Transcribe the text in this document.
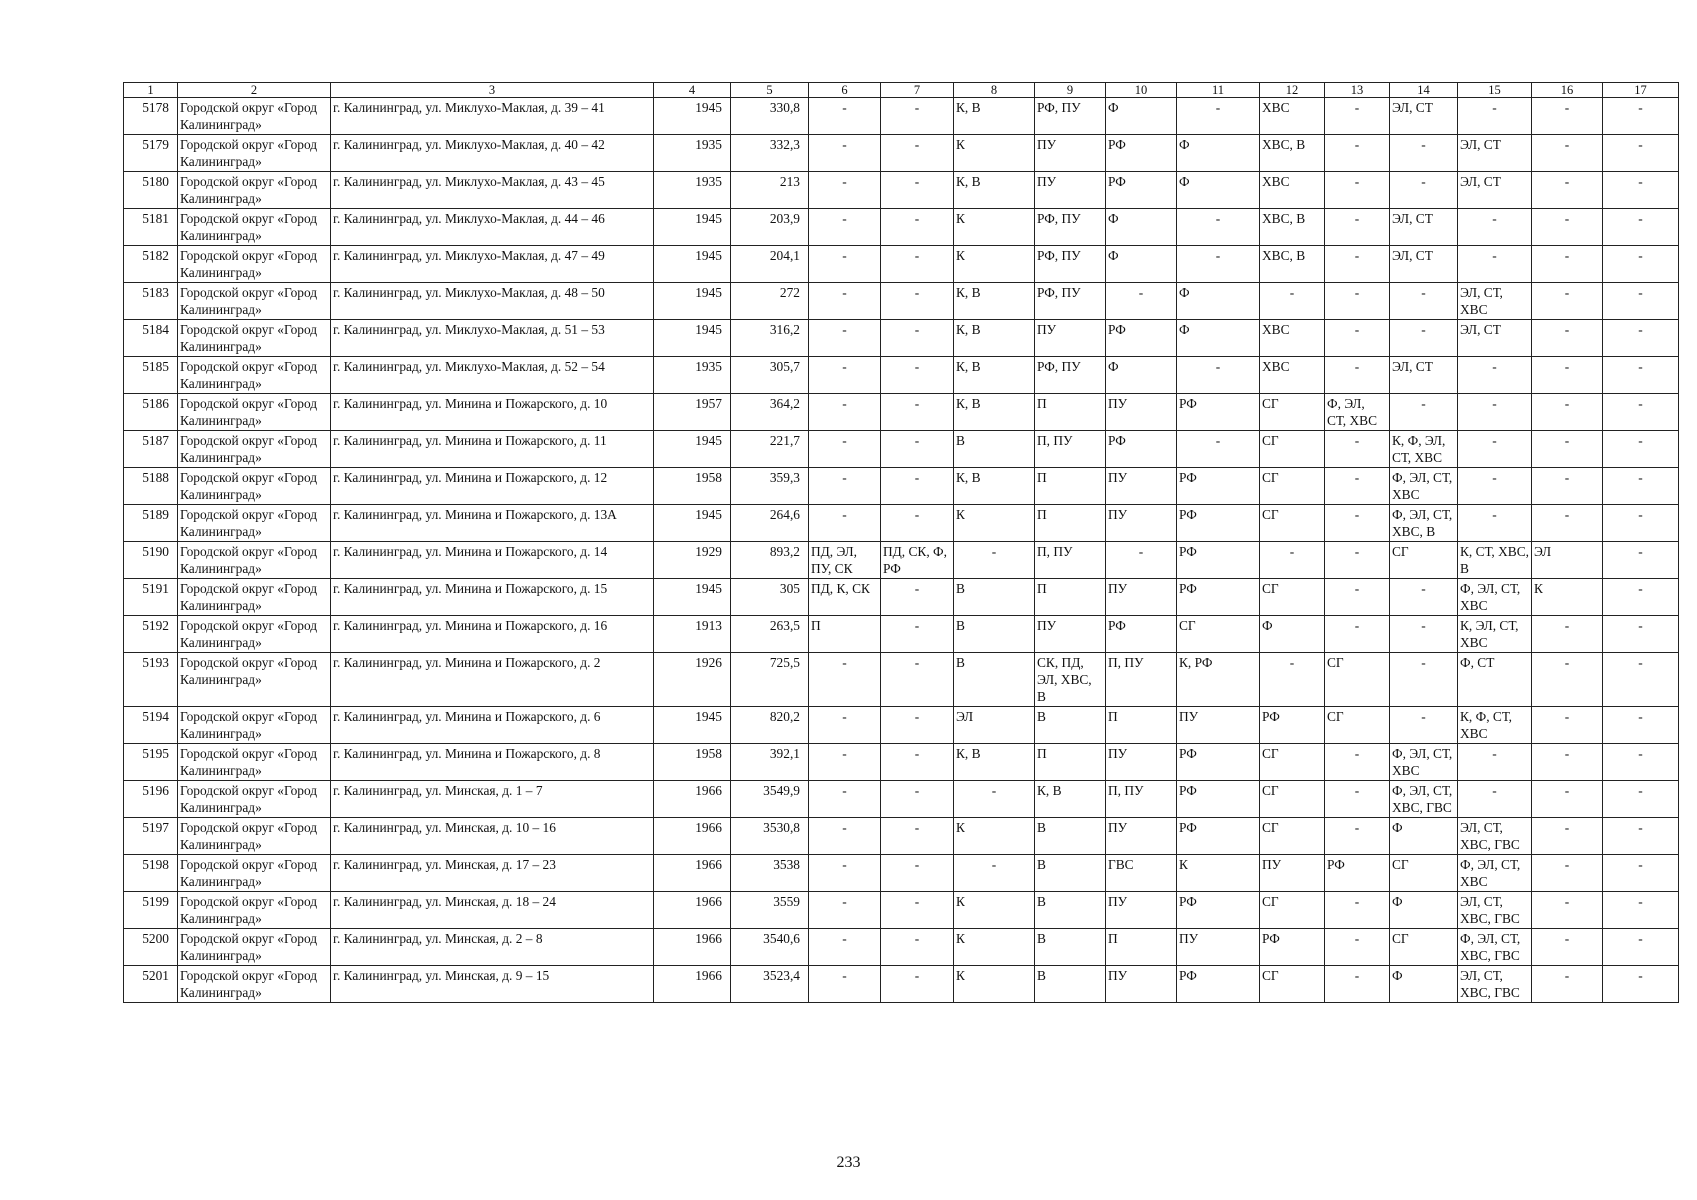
1	2	3	4	5	6	7	8	9	10	11	12	13	14	15	16	17
5178	Городской округ «Город Калининград»	г. Калининград, ул. Миклухо-Маклая, д. 39 – 41	1945	330,8	-	-	К, В	РФ, ПУ	Ф	-	ХВС	-	ЭЛ, СТ	-	-	-
5179	Городской округ «Город Калининград»	г. Калининград, ул. Миклухо-Маклая, д. 40 – 42	1935	332,3	-	-	К	ПУ	РФ	Ф	ХВС, В	-	-	ЭЛ, СТ	-	-
5180	Городской округ «Город Калининград»	г. Калининград, ул. Миклухо-Маклая, д. 43 – 45	1935	213	-	-	К, В	ПУ	РФ	Ф	ХВС	-	-	ЭЛ, СТ	-	-
5181	Городской округ «Город Калининград»	г. Калининград, ул. Миклухо-Маклая, д. 44 – 46	1945	203,9	-	-	К	РФ, ПУ	Ф	-	ХВС, В	-	ЭЛ, СТ	-	-	-
5182	Городской округ «Город Калининград»	г. Калининград, ул. Миклухо-Маклая, д. 47 – 49	1945	204,1	-	-	К	РФ, ПУ	Ф	-	ХВС, В	-	ЭЛ, СТ	-	-	-
5183	Городской округ «Город Калининград»	г. Калининград, ул. Миклухо-Маклая, д. 48 – 50	1945	272	-	-	К, В	РФ, ПУ	-	Ф	-	-	-	ЭЛ, СТ, ХВС	-	-
5184	Городской округ «Город Калининград»	г. Калининград, ул. Миклухо-Маклая, д. 51 – 53	1945	316,2	-	-	К, В	ПУ	РФ	Ф	ХВС	-	-	ЭЛ, СТ	-	-
5185	Городской округ «Город Калининград»	г. Калининград, ул. Миклухо-Маклая, д. 52 – 54	1935	305,7	-	-	К, В	РФ, ПУ	Ф	-	ХВС	-	ЭЛ, СТ	-	-	-
5186	Городской округ «Город Калининград»	г. Калининград, ул. Минина и Пожарского, д. 10	1957	364,2	-	-	К, В	П	ПУ	РФ	СГ	Ф, ЭЛ, СТ, ХВС	-	-	-	-
5187	Городской округ «Город Калининград»	г. Калининград, ул. Минина и Пожарского, д. 11	1945	221,7	-	-	В	П, ПУ	РФ	-	СГ	-	К, Ф, ЭЛ, СТ, ХВС	-	-	-
5188	Городской округ «Город Калининград»	г. Калининград, ул. Минина и Пожарского, д. 12	1958	359,3	-	-	К, В	П	ПУ	РФ	СГ	-	Ф, ЭЛ, СТ, ХВС	-	-	-
5189	Городской округ «Город Калининград»	г. Калининград, ул. Минина и Пожарского, д. 13А	1945	264,6	-	-	К	П	ПУ	РФ	СГ	-	Ф, ЭЛ, СТ, ХВС, В	-	-	-
5190	Городской округ «Город Калининград»	г. Калининград, ул. Минина и Пожарского, д. 14	1929	893,2	ПД, ЭЛ, ПУ, СК	ПД, СК, Ф, РФ	-	П, ПУ	-	РФ	-	-	СГ	К, СТ, ХВС, В	ЭЛ	-
5191	Городской округ «Город Калининград»	г. Калининград, ул. Минина и Пожарского, д. 15	1945	305	ПД, К, СК	-	В	П	ПУ	РФ	СГ	-	-	Ф, ЭЛ, СТ, ХВС	К	-
5192	Городской округ «Город Калининград»	г. Калининград, ул. Минина и Пожарского, д. 16	1913	263,5	П	-	В	ПУ	РФ	СГ	Ф	-	-	К, ЭЛ, СТ, ХВС	-	-
5193	Городской округ «Город Калининград»	г. Калининград, ул. Минина и Пожарского, д. 2	1926	725,5	-	-	В	СК, ПД, ЭЛ, ХВС, В	П, ПУ	К, РФ	-	СГ	-	Ф, СТ	-	-
5194	Городской округ «Город Калининград»	г. Калининград, ул. Минина и Пожарского, д. 6	1945	820,2	-	-	ЭЛ	В	П	ПУ	РФ	СГ	-	К, Ф, СТ, ХВС	-	-
5195	Городской округ «Город Калининград»	г. Калининград, ул. Минина и Пожарского, д. 8	1958	392,1	-	-	К, В	П	ПУ	РФ	СГ	-	Ф, ЭЛ, СТ, ХВС	-	-	-
5196	Городской округ «Город Калининград»	г. Калининград, ул. Минская, д. 1 – 7	1966	3549,9	-	-	-	К, В	П, ПУ	РФ	СГ	-	Ф, ЭЛ, СТ, ХВС, ГВС	-	-	-
5197	Городской округ «Город Калининград»	г. Калининград, ул. Минская, д. 10 – 16	1966	3530,8	-	-	К	В	ПУ	РФ	СГ	-	Ф	ЭЛ, СТ, ХВС, ГВС	-	-
5198	Городской округ «Город Калининград»	г. Калининград, ул. Минская, д. 17 – 23	1966	3538	-	-	-	В	ГВС	К	ПУ	РФ	СГ	Ф, ЭЛ, СТ, ХВС	-	-
5199	Городской округ «Город Калининград»	г. Калининград, ул. Минская, д. 18 – 24	1966	3559	-	-	К	В	ПУ	РФ	СГ	-	Ф	ЭЛ, СТ, ХВС, ГВС	-	-
5200	Городской округ «Город Калининград»	г. Калининград, ул. Минская, д. 2 – 8	1966	3540,6	-	-	К	В	П	ПУ	РФ	-	СГ	Ф, ЭЛ, СТ, ХВС, ГВС	-	-
5201	Городской округ «Город Калининград»	г. Калининград, ул. Минская, д. 9 – 15	1966	3523,4	-	-	К	В	ПУ	РФ	СГ	-	Ф	ЭЛ, СТ, ХВС, ГВС	-	-
233
